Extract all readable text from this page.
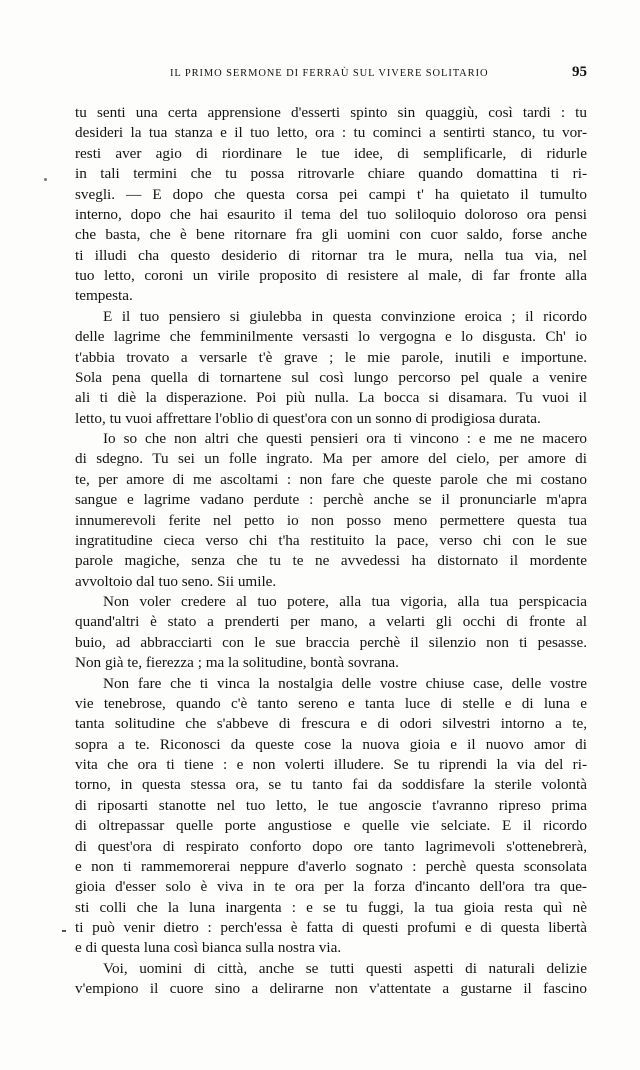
IL PRIMO SERMONE DI FERRAÙ SUL VIVERE SOLITARIO	95
tu senti una certa apprensione d'esserti spinto sin quaggiù, così tardi : tu
desideri la tua stanza e il tuo letto, ora : tu cominci a sentirti stanco, tu vor-
resti aver agio di riordinare le tue idee, di semplificarle, di ridurle
in tali termini che tu possa ritrovarle chiare quando domattina ti ri-
svegli. — E dopo che questa corsa pei campi t' ha quietato il tumulto
interno, dopo che hai esaurito il tema del tuo soliloquio doloroso ora pensi
che basta, che è bene ritornare fra gli uomini con cuor saldo, forse anche
ti illudi cha questo desiderio di ritornar tra le mura, nella tua via, nel
tuo letto, coroni un virile proposito di resistere al male, di far fronte alla
tempesta.
E il tuo pensiero si giulebba in questa convinzione eroica ; il ricordo
delle lagrime che femminilmente versasti lo vergogna e lo disgusta. Ch' io
t'abbia trovato a versarle t'è grave ; le mie parole, inutili e importune.
Sola pena quella di tornartene sul così lungo percorso pel quale a venire
ali ti diè la disperazione. Poi più nulla. La bocca si disamara. Tu vuoi il
letto, tu vuoi affrettare l'oblio di quest'ora con un sonno di prodigiosa durata.
Io so che non altri che questi pensieri ora ti vincono : e me ne macero
di sdegno. Tu sei un folle ingrato. Ma per amore del cielo, per amore di
te, per amore di me ascoltami : non fare che queste parole che mi costano
sangue e lagrime vadano perdute : perchè anche se il pronunciarle m'apra
innumerevoli ferite nel petto io non posso meno permettere questa tua
ingratitudine cieca verso chi t'ha restituito la pace, verso chi con le sue
parole magiche, senza che tu te ne avvedessi ha distornato il mordente
avvoltoio dal tuo seno. Sii umile.
Non voler credere al tuo potere, alla tua vigoria, alla tua perspicacia
quand'altri è stato a prenderti per mano, a velarti gli occhi di fronte al
buio, ad abbracciarti con le sue braccia perchè il silenzio non ti pesasse.
Non già te, fierezza ; ma la solitudine, bontà sovrana.
Non fare che ti vinca la nostalgia delle vostre chiuse case, delle vostre
vie tenebrose, quando c'è tanto sereno e tanta luce di stelle e di luna e
tanta solitudine che s'abbeve di frescura e di odori silvestri intorno a te,
sopra a te. Riconosci da queste cose la nuova gioia e il nuovo amor di
vita che ora ti tiene : e non volerti illudere. Se tu riprendi la via del ri-
torno, in questa stessa ora, se tu tanto fai da soddisfare la sterile volontà
di riposarti stanotte nel tuo letto, le tue angoscie t'avranno ripreso prima
di oltrepassar quelle porte angustiose e quelle vie selciate. E il ricordo
di quest'ora di respirato conforto dopo ore tanto lagrimevoli s'ottenebrerà,
e non ti rammemorerai neppure d'averlo sognato : perchè questa sconsolata
gioia d'esser solo è viva in te ora per la forza d'incanto dell'ora tra que-
sti colli che la luna inargenta : e se tu fuggi, la tua gioia resta quì nè
ti può venir dietro : perch'essa è fatta di questi profumi e di questa libertà
e di questa luna così bianca sulla nostra via.
Voi, uomini di città, anche se tutti questi aspetti di naturali delizie
v'empiono il cuore sino a delirarne non v'attentate a gustarne il fascino
